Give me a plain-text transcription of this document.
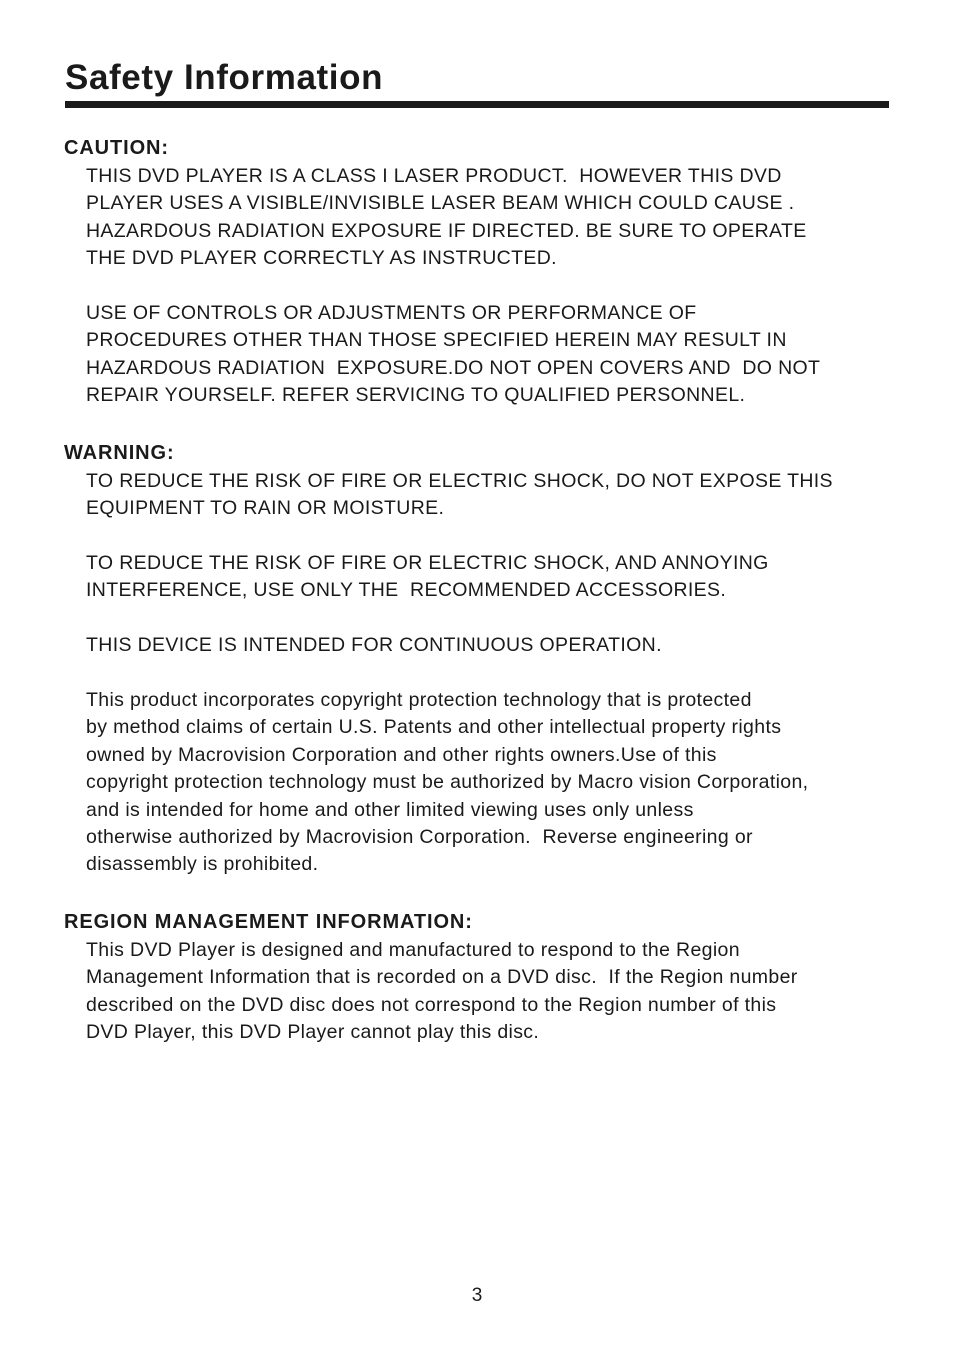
Safety Information
CAUTION:

THIS DVD PLAYER IS A CLASS I LASER PRODUCT.  HOWEVER THIS DVD
PLAYER USES A VISIBLE/INVISIBLE LASER BEAM WHICH COULD CAUSE .
HAZARDOUS RADIATION EXPOSURE IF DIRECTED. BE SURE TO OPERATE
THE DVD PLAYER CORRECTLY AS INSTRUCTED.

USE OF CONTROLS OR ADJUSTMENTS OR PERFORMANCE OF
PROCEDURES OTHER THAN THOSE SPECIFIED HEREIN MAY RESULT IN
HAZARDOUS RADIATION  EXPOSURE.DO NOT OPEN COVERS AND  DO NOT
REPAIR YOURSELF. REFER SERVICING TO QUALIFIED PERSONNEL.

WARNING:

TO REDUCE THE RISK OF FIRE OR ELECTRIC SHOCK, DO NOT EXPOSE THIS
EQUIPMENT TO RAIN OR MOISTURE.

TO REDUCE THE RISK OF FIRE OR ELECTRIC SHOCK, AND ANNOYING
INTERFERENCE, USE ONLY THE  RECOMMENDED ACCESSORIES.

THIS DEVICE IS INTENDED FOR CONTINUOUS OPERATION.

This product incorporates copyright protection technology that is protected
by method claims of certain U.S. Patents and other intellectual property rights
owned by Macrovision Corporation and other rights owners.Use of this
copyright protection technology must be authorized by Macro vision Corporation,
and is intended for home and other limited viewing uses only unless
otherwise authorized by Macrovision Corporation.  Reverse engineering or
disassembly is prohibited.

REGION MANAGEMENT INFORMATION:

This DVD Player is designed and manufactured to respond to the Region
Management Information that is recorded on a DVD disc.  If the Region number
described on the DVD disc does not correspond to the Region number of this
DVD Player, this DVD Player cannot play this disc.

3
